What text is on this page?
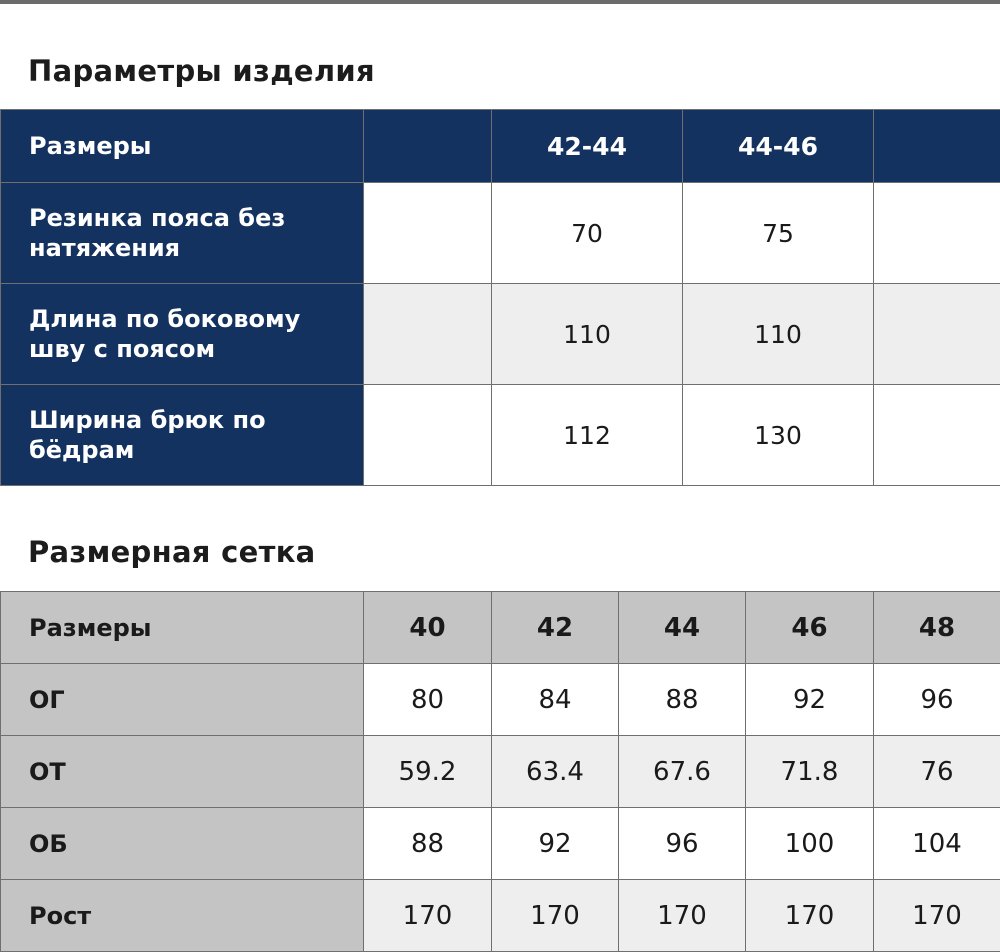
Параметры изделия
Размеры		42-44	44-46	
Резинка пояса без натяжения		70	75	
Длина по боковому шву с поясом		110	110	
Ширина брюк по бёдрам		112	130	
Размерная сетка
Размеры	40	42	44	46	48
ОГ	80	84	88	92	96
ОТ	59.2	63.4	67.6	71.8	76
ОБ	88	92	96	100	104
Рост	170	170	170	170	170
